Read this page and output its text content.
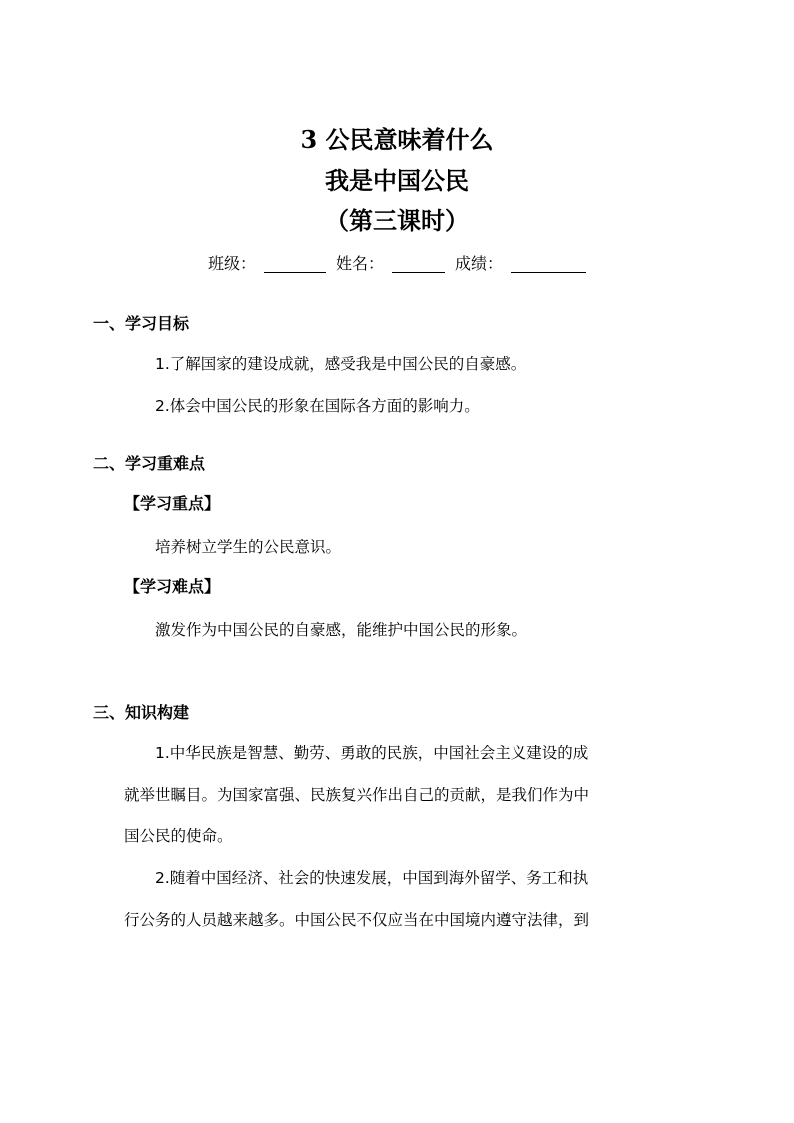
3 公民意味着什么
我是中国公民
（第三课时）
班级：	姓名：	成绩：
一、学习目标
1.了解国家的建设成就，感受我是中国公民的自豪感。
2.体会中国公民的形象在国际各方面的影响力。
二、学习重难点
【学习重点】
培养树立学生的公民意识。
【学习难点】
激发作为中国公民的自豪感，能维护中国公民的形象。
三、知识构建
1.中华民族是智慧、勤劳、勇敢的民族，中国社会主义建设的成
就举世瞩目。为国家富强、民族复兴作出自己的贡献，是我们作为中
国公民的使命。
2.随着中国经济、社会的快速发展，中国到海外留学、务工和执
行公务的人员越来越多。中国公民不仅应当在中国境内遵守法律，到
